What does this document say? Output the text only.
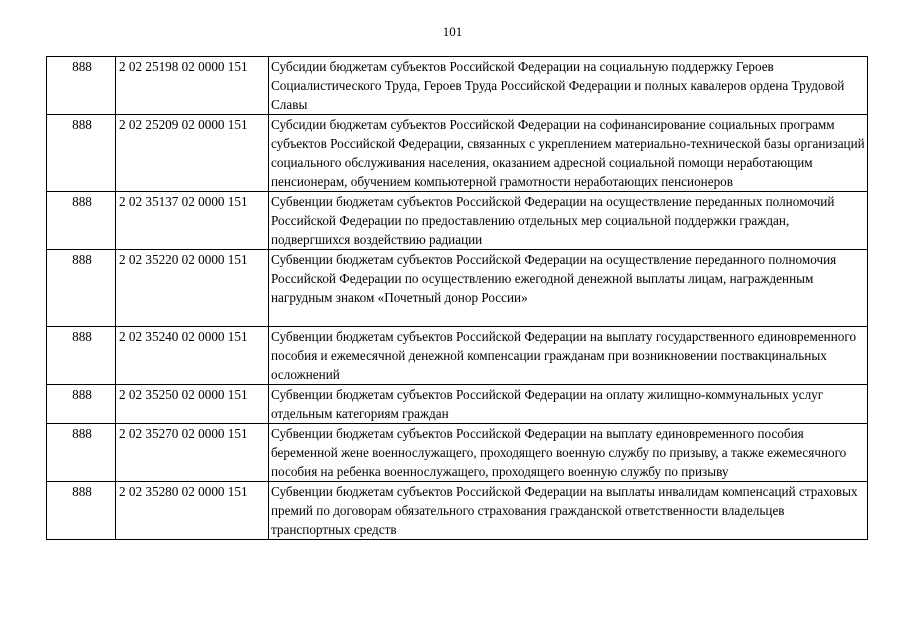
101
888	2 02 25198 02 0000 151	Субсидии бюджетам субъектов Российской Федерации на социальную поддержку Героев Социалистического Труда, Героев Труда Российской Федерации и полных кавалеров ордена Трудовой Славы
888	2 02 25209 02 0000 151	Субсидии бюджетам субъектов Российской Федерации на софинансирование социальных программ субъектов Российской Федерации, связанных с укреплением материально-технической базы организаций социального обслуживания населения, оказанием адресной социальной помощи неработающим пенсионерам, обучением компьютерной грамотности неработающих пенсионеров
888	2 02 35137 02 0000 151	Субвенции бюджетам субъектов Российской Федерации на осуществление переданных полномочий Российской Федерации по предоставлению отдельных мер социальной поддержки граждан, подвергшихся воздействию радиации
888	2 02 35220 02 0000 151	Субвенции бюджетам субъектов Российской Федерации на осуществление переданного полномочия Российской Федерации по осуществлению ежегодной денежной выплаты лицам, награжденным нагрудным знаком «Почетный донор России»
888	2 02 35240 02 0000 151	Субвенции бюджетам субъектов Российской Федерации на выплату государственного единовременного пособия и ежемесячной денежной компенсации гражданам при возникновении поствакцинальных осложнений
888	2 02 35250 02 0000 151	Субвенции бюджетам субъектов Российской Федерации на оплату жилищно-коммунальных услуг отдельным категориям граждан
888	2 02 35270 02 0000 151	Субвенции бюджетам субъектов Российской Федерации на выплату единовременного пособия беременной жене военнослужащего, проходящего военную службу по призыву, а также ежемесячного пособия на ребенка военнослужащего, проходящего военную службу по призыву
888	2 02 35280 02 0000 151	Субвенции бюджетам субъектов Российской Федерации на выплаты инвалидам компенсаций страховых премий по договорам обязательного страхования гражданской ответственности владельцев транспортных средств
